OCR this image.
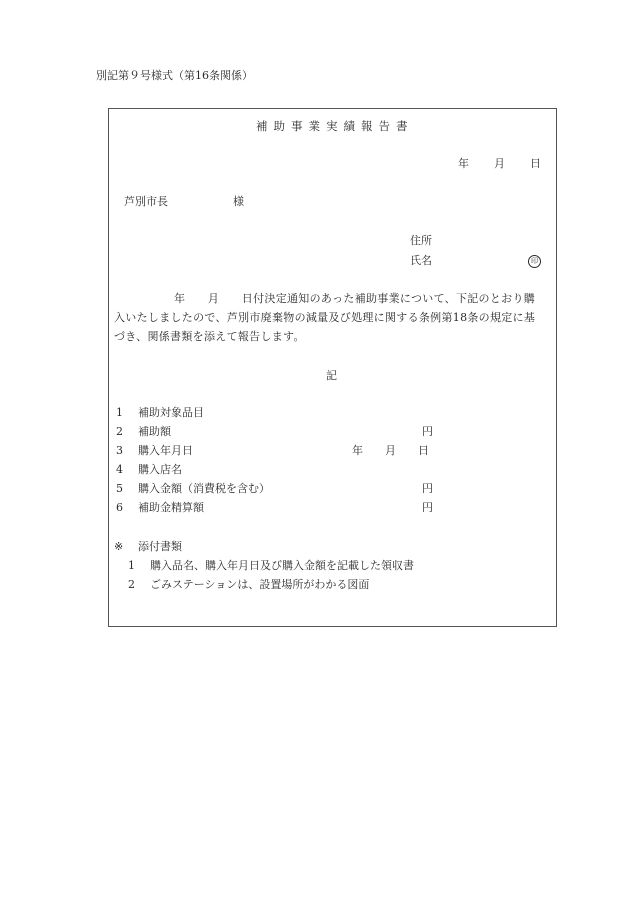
別記第９号様式（第16条関係）
補助事業実績報告書
年 月 日
芦別市長	様
住所
氏名	印
年　　月　　日付決定通知のあった補助事業について、下記のとおり購
入いたしましたので、芦別市廃棄物の減量及び処理に関する条例第18条の規定に基
づき、関係書類を添えて報告します。
記
1 補助対象品目
2 補助額	円
3 購入年月日	年　　月　　日
4 購入店名
5 購入金額（消費税を含む）	円
6 補助金精算額	円
※ 添付書類
1 購入品名、購入年月日及び購入金額を記載した領収書
2 ごみステーションは、設置場所がわかる図面
